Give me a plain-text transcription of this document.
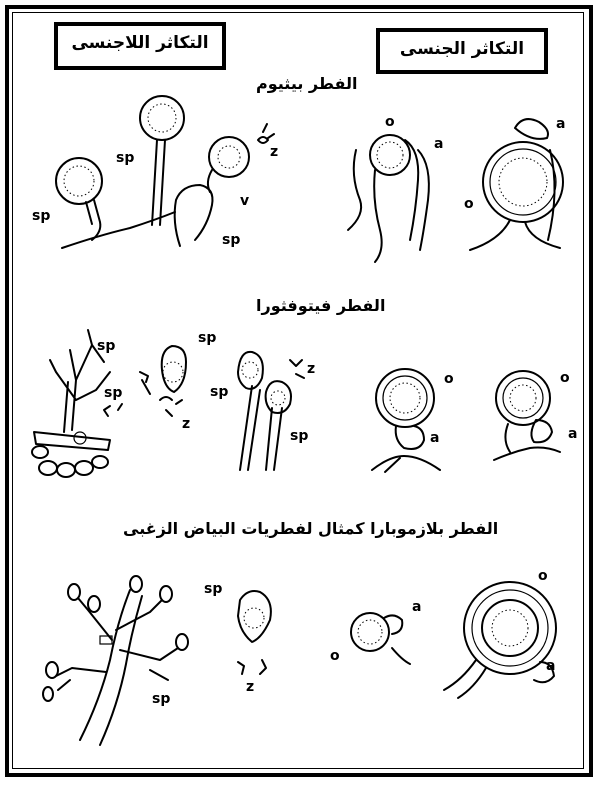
التكاثر اللاجنسى	التكاثر الجنسى
الفطر بيثيوم
الفطر فيتوفثورا
الفطر بلازموبارا كمثال لفطريات البياض الزغبى
sp
sp
sp
z
v
o
a
a
o
sp
sp
sp
sp
z
z
sp
o
a
o
a
sp
sp
z
a
o
o
a
